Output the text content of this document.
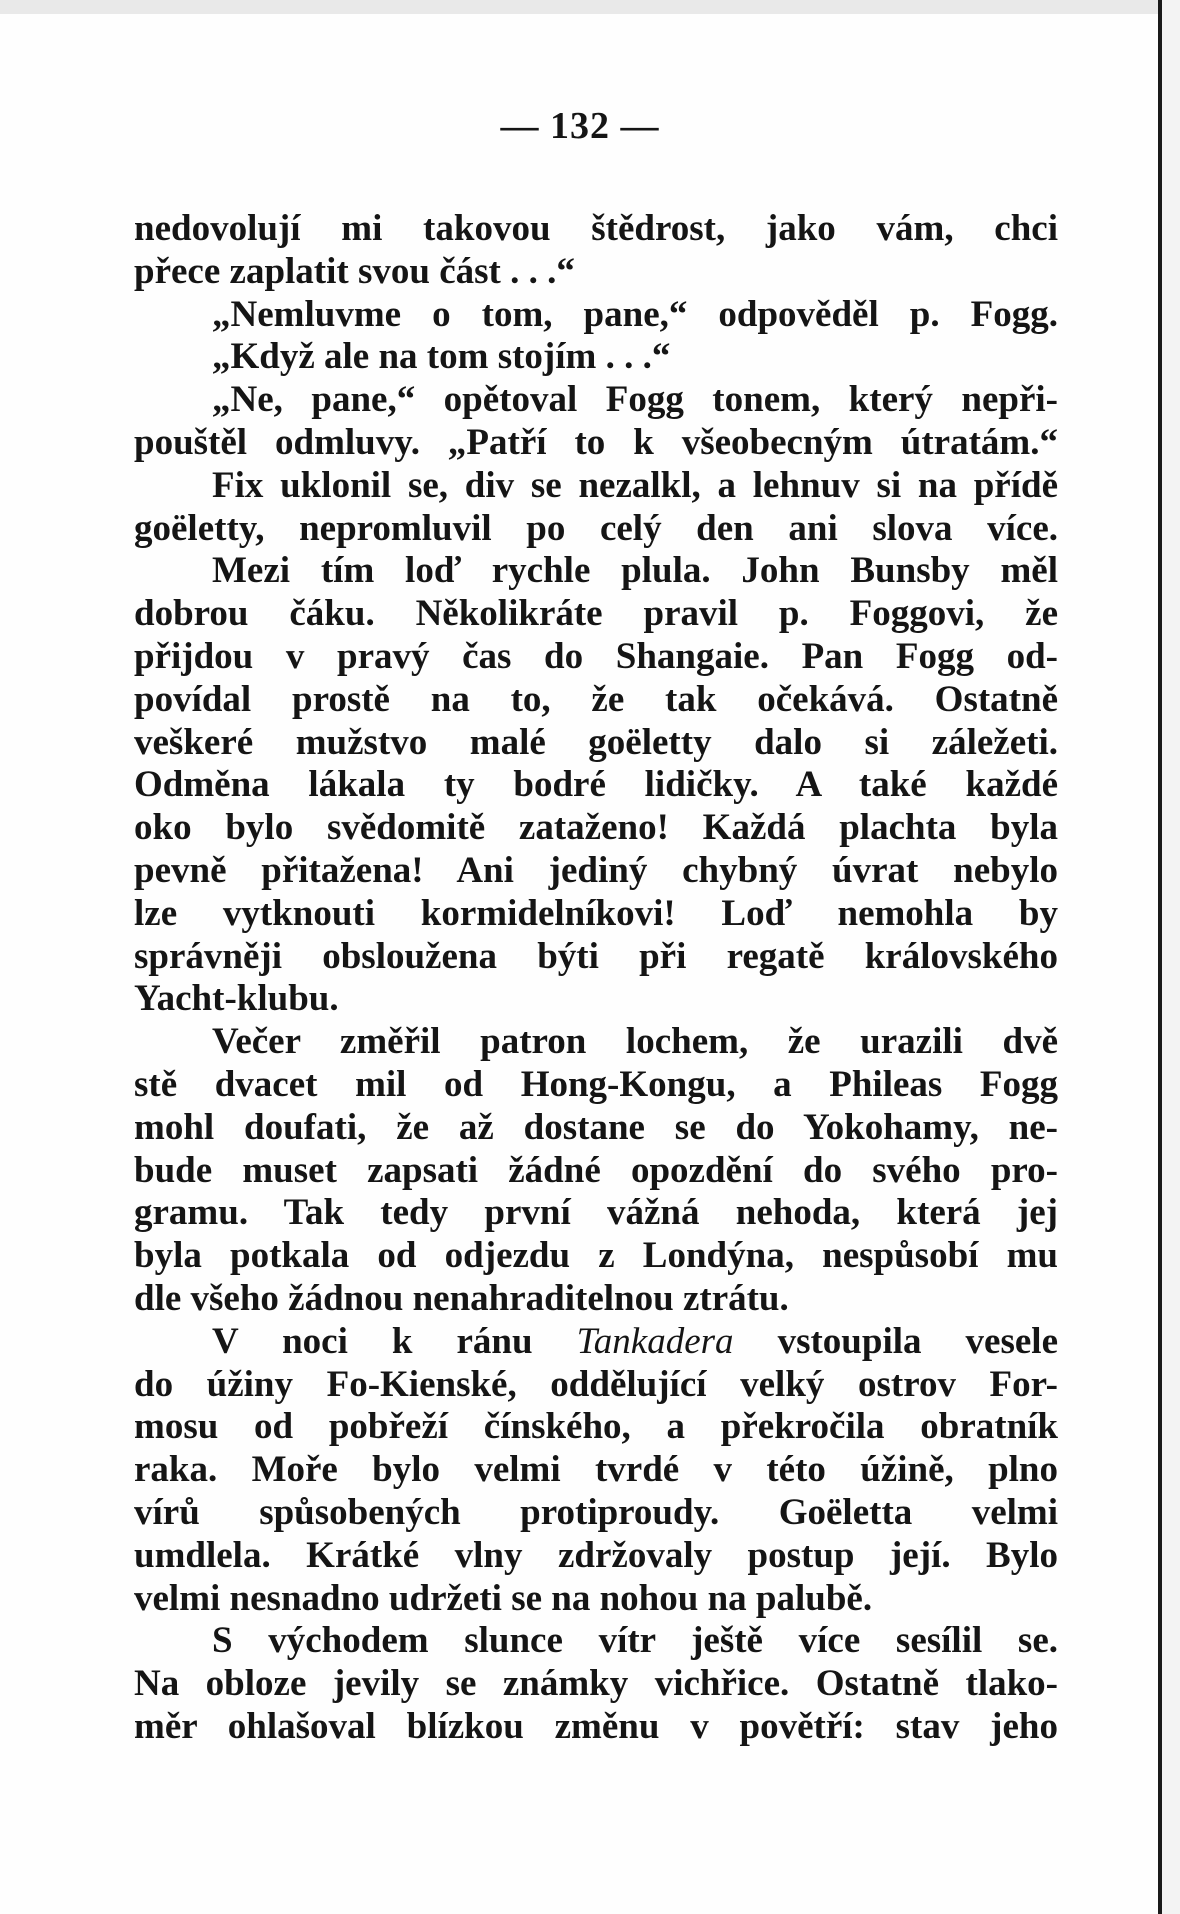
— 132 —
nedovolují mi takovou štědrost, jako vám, chci
přece zaplatit svou část . . .“
„Nemluvme o tom, pane,“ odpověděl p. Fogg.
„Když ale na tom stojím . . .“
„Ne, pane,“ opětoval Fogg tonem, který nepři-
pouštěl odmluvy. „Patří to k všeobecným útratám.“
Fix uklonil se, div se nezalkl, a lehnuv si na přídě
goëletty, nepromluvil po celý den ani slova více.
Mezi tím loď rychle plula. John Bunsby měl
dobrou čáku. Několikráte pravil p. Foggovi, že
přijdou v pravý čas do Shangaie. Pan Fogg od-
povídal prostě na to, že tak očekává. Ostatně
veškeré mužstvo malé goëletty dalo si záležeti.
Odměna lákala ty bodré lidičky. A také každé
oko bylo svědomitě zataženo! Každá plachta byla
pevně přitažena! Ani jediný chybný úvrat nebylo
lze vytknouti kormidelníkovi! Loď nemohla by
správněji obsloužena býti při regatě královského
Yacht-klubu.
Večer změřil patron lochem, že urazili dvě
stě dvacet mil od Hong-Kongu, a Phileas Fogg
mohl doufati, že až dostane se do Yokohamy, ne-
bude muset zapsati žádné opozdění do svého pro-
gramu. Tak tedy první vážná nehoda, která jej
byla potkala od odjezdu z Londýna, nespůsobí mu
dle všeho žádnou nenahraditelnou ztrátu.
V noci k ránu Tankadera vstoupila vesele
do úžiny Fo-Kienské, oddělující velký ostrov For-
mosu od pobřeží čínského, a překročila obratník
raka. Moře bylo velmi tvrdé v této úžině, plno
vírů spůsobených protiproudy. Goëletta velmi
umdlela. Krátké vlny zdržovaly postup její. Bylo
velmi nesnadno udržeti se na nohou na palubě.
S východem slunce vítr ještě více sesílil se.
Na obloze jevily se známky vichřice. Ostatně tlako-
měr ohlašoval blízkou změnu v povětří: stav jeho
